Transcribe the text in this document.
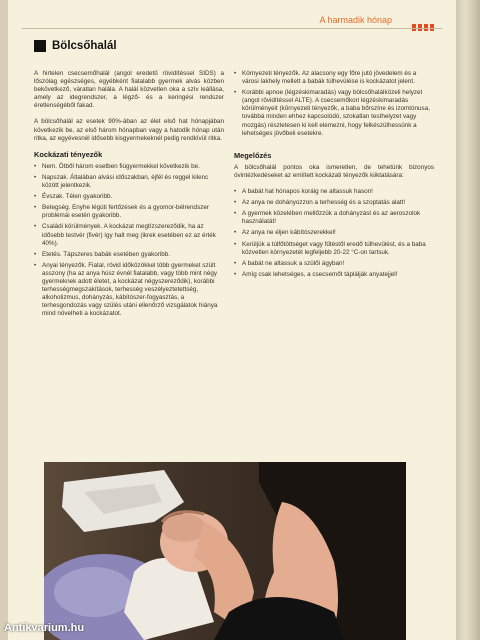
A harmadik hónap
Bölcsőhalál

A hirtelen csecsemőhalál (angol eredetű rövidítéssel SIDS) a lőszólag egészséges, egyébként fiatalabb gyermek alvás közben bekövetkező, váratlan halála. A halál közvetlen oka a szív leállása, amely az idegrendszer, a légző- és a keringési rendszer éretlenségéből fakad.

A bölcsőhalál az esetek 90%-ában az élet első hat hónapjában következik be, az első három hónapban vagy a hatodik hónap után ritka, az egyévesnél idősebb kisgyermekeknél pedig rendkívül ritka.

Kockázati tényezők
• Nem. Ötből három esetben fiúgyermekkel következik be.
• Napszak. Általában alvási időszakban, éjfél és reggel kilenc között jelentkezik.
• Évszak. Télen gyakoribb.
• Betegség. Enyhe légúti fertőzések és a gyomor-bélrendszer problémái esetén gyakoribb.
• Családi körülmények. A kockázat megtízszereződik, ha az idősebb testvér (fivér) így halt meg (ikrek esetében ez az érték 40%).
• Etetés. Tápszeres babák esetében gyakoribb.
• Anyai tényezők. Fiatal, rövid időközökkel több gyermeket szült asszony (ha az anya húsz évnél fiatalabb, vagy több mint négy gyermeknek adott életet, a kockázat négyszereződik), korábbi terhességmegszakítások, terhesség veszélyeztetettség, alkoholizmus, dohányzás, kábítószer-fogyasztás, a terhesgondozás vagy szülés utáni ellenőrző vizsgálatok hiánya mind növelheti a kockázatot.
• Környezeti tényezők. Az alacsony egy főre jutó jövedelem és a városi lakhely mellett a babák túlhevülése is kockázatot jelent.
• Korábbi apnoe (légzéskimaradás) vagy bölcsőhalálközeli helyzet (angol rövidítéssel ALTE). A csecsemőkori légzéskimaradás körülményeit (környezeti tényezők, a baba bőrszíne és izomtónusa, továbbá minden ehhez kapcsolódó, szokatlan testhelyzet vagy mozgás) részletesen ki kell elemezni, hogy felkészülhessünk a lehetséges jövőbeli esetekre.
Megelőzés

A bölcsőhalál pontos oka ismeretlen, de tehetünk bizonyos óvintézkedéseket az említett kockázati tényezők kiiktatására:

• A babát hat hónapos koráig ne altassuk hason!
• Az anya ne dohányozzon a terhesség és a szoptatás alatt!
• A gyermek közelében mellőzzük a dohányzást és az aeroszolok használatát!
• Az anya ne éljen kábítószerekkel!
• Kerüljük a túlfőtöttséget vagy fűtéstől eredő túlhevülést, és a baba közvetlen környezetét legfeljebb 20-22 °C-on tartsuk.
• A babát ne altassuk a szülői ágyban!
• Amíg csak lehetséges, a csecsemőt táplálják anyatejjel!
Antikvarium.hu
